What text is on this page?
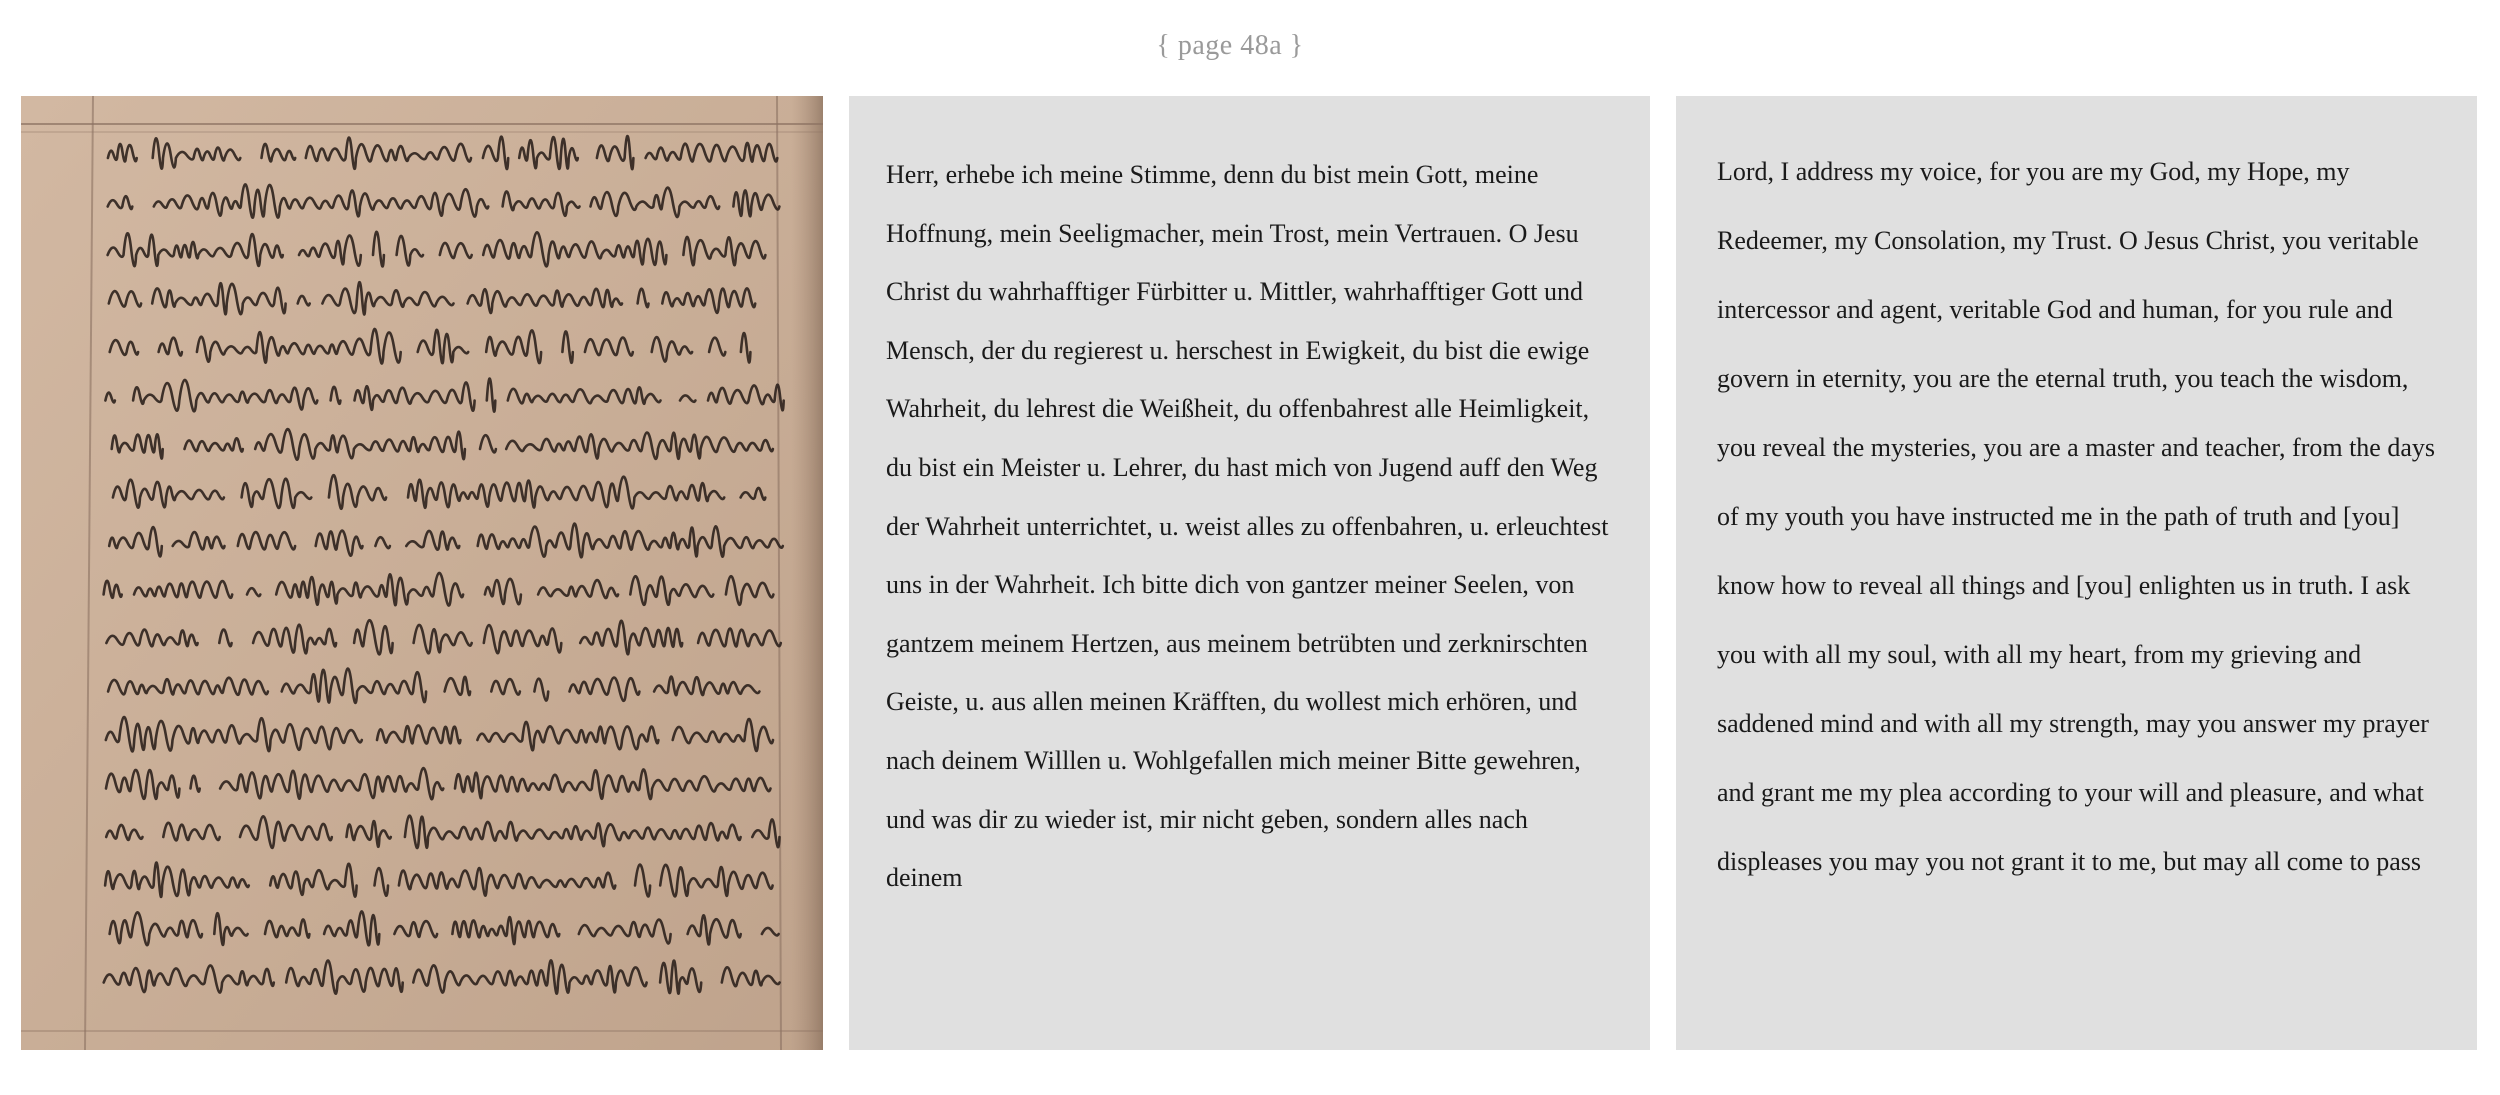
{ page 48a }

Herr, erhebe ich meine Stimme, denn du bist mein Gott, meine Hoffnung, mein Seeligmacher, mein Trost, mein Vertrauen. O Jesu Christ du wahrhafftiger Fürbitter u. Mittler, wahrhafftiger Gott und Mensch, der du regierest u. herschest in Ewigkeit, du bist die ewige Wahrheit, du lehrest die Weißheit, du offenbahrest alle Heimligkeit, du bist ein Meister u. Lehrer, du hast mich von Jugend auff den Weg der Wahrheit unterrichtet, u. weist alles zu offenbahren, u. erleuchtest uns in der Wahrheit. Ich bitte dich von gantzer meiner Seelen, von gantzem meinem Hertzen, aus meinem betrübten und zerknirschten Geiste, u. aus allen meinen Kräfften, du wollest mich erhören, und nach deinem Willlen u. Wohlgefallen mich meiner Bitte gewehren, und was dir zu wieder ist, mir nicht geben, sondern alles nach deinem

Lord, I address my voice, for you are my God, my Hope, my Redeemer, my Consolation, my Trust. O Jesus Christ, you veritable intercessor and agent, veritable God and human, for you rule and govern in eternity, you are the eternal truth, you teach the wisdom, you reveal the mysteries, you are a master and teacher, from the days of my youth you have instructed me in the path of truth and [you] know how to reveal all things and [you] enlighten us in truth. I ask you with all my soul, with all my heart, from my grieving and saddened mind and with all my strength, may you answer my prayer and grant me my plea according to your will and pleasure, and what displeases you may you not grant it to me, but may all come to pass
